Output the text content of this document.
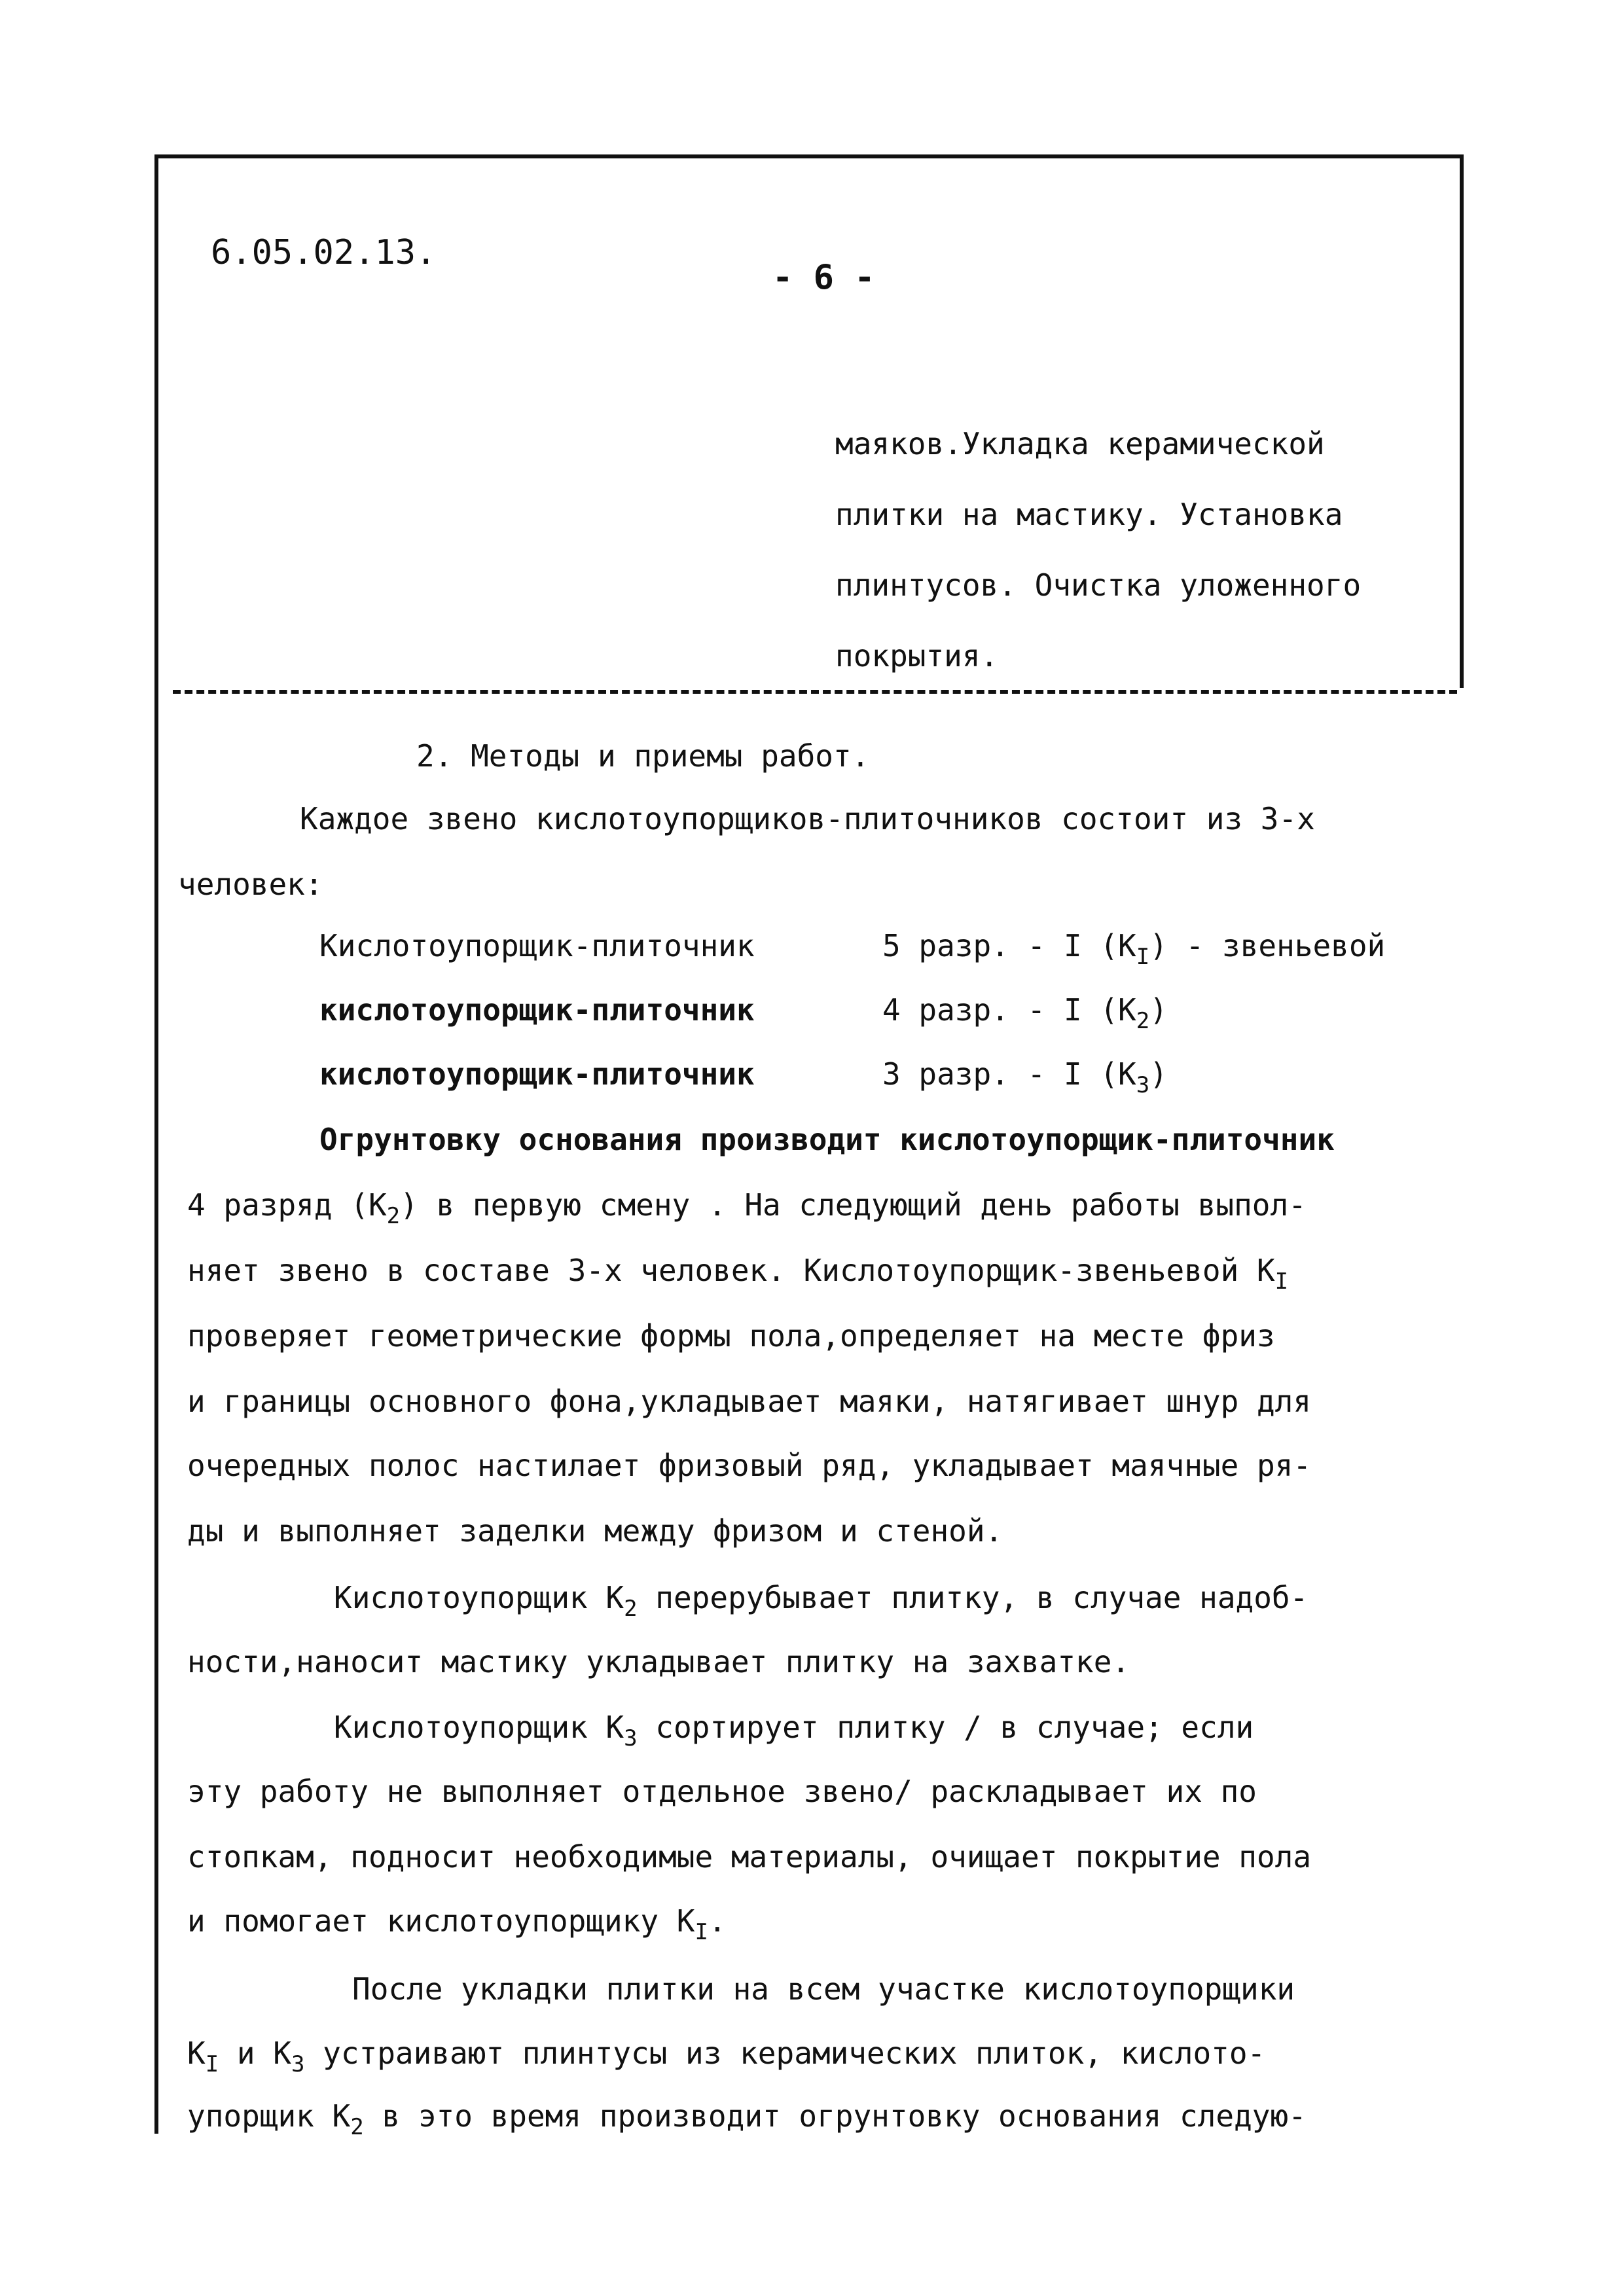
6.05.02.13.
- 6 -
маяков.Укладка керамической
плитки на мастику. Установка
плинтусов. Очистка уложенного
покрытия.
2. Методы и приемы работ.
Каждое звено кислотоупорщиков-плиточников состоит из 3-х
человек:
Кислотоупорщик-плиточник	5 разр. - I $(К_I)$ - звеньевой
кислотоупорщик-плиточник	4 разр. - I $(К_2)$
кислотоупорщик-плиточник	3 разр. - I $(К_3)$
Огрунтовку основания производит кислотоупорщик-плиточник
4 разряд $(К_2)$ в первую смену . На следующий день работы выпол-
няет звено в составе 3-х человек. Кислотоупорщик-звеньевой $К_I$
проверяет геометрические формы пола,определяет на месте фриз
и границы основного фона,укладывает маяки, натягивает шнур для
очередных полос настилает фризовый ряд, укладывает маячные ря-
ды и выполняет заделки между фризом и стеной.
Кислотоупорщик $К_2$ перерубывает плитку, в случае надоб-
ности,наносит мастику укладывает плитку на захватке.
Кислотоупорщик $К_3$ сортирует плитку / в случае; если
эту работу не выполняет отдельное звено/ раскладывает их по
стопкам, подносит необходимые материалы, очищает покрытие пола
и помогает кислотоупорщику $К_I$.
После укладки плитки на всем участке кислотоупорщики
$К_I$ и $К_3$ устраивают плинтусы из керамических плиток, кислото-
упорщик $К_2$ в это время производит огрунтовку основания следую-
